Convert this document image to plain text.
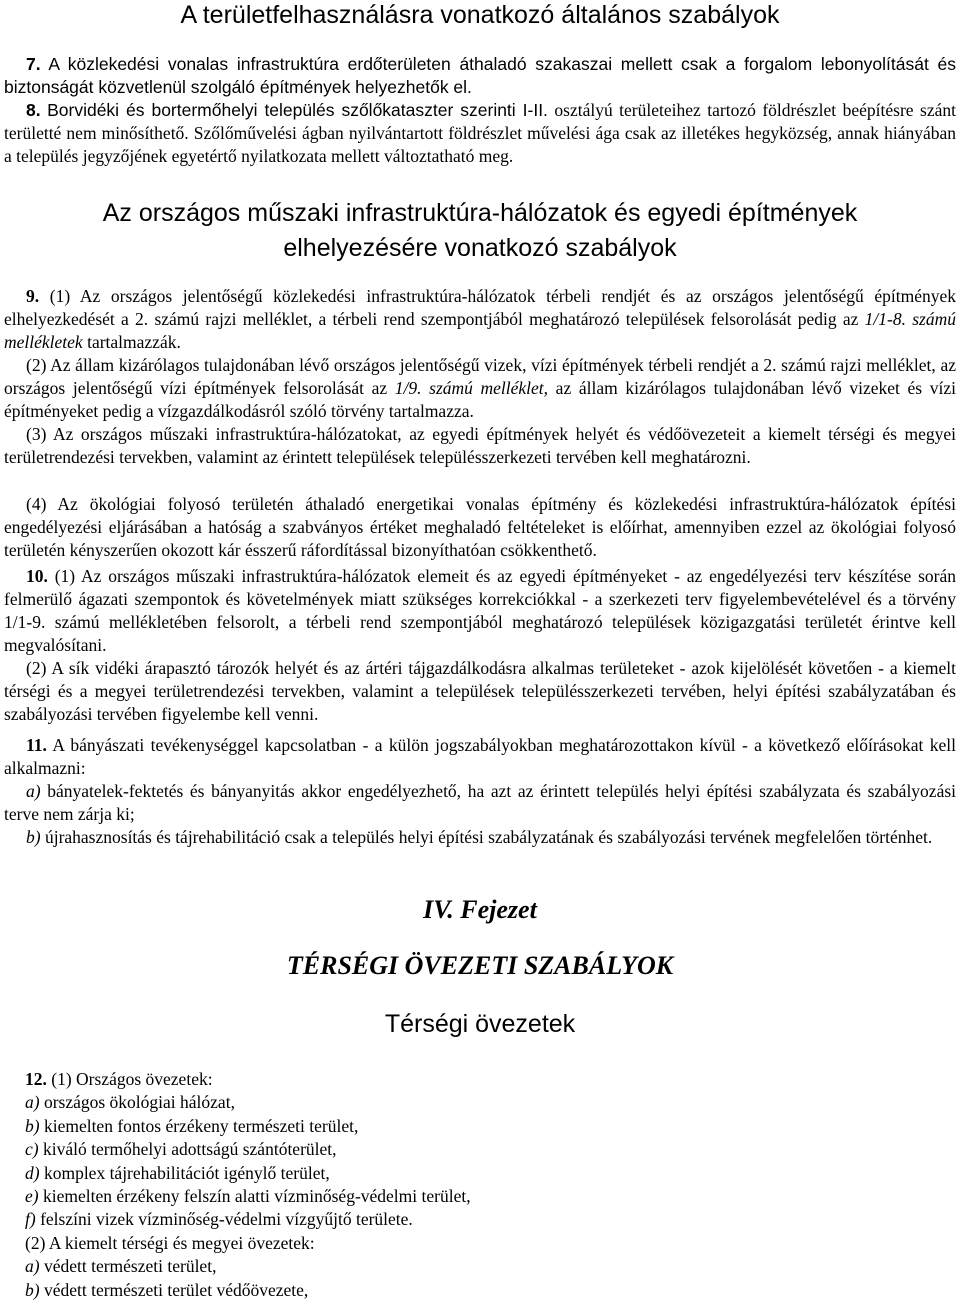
A területfelhasználásra vonatkozó általános szabályok

7. A közlekedési vonalas infrastruktúra erdőterületen áthaladó szakaszai mellett csak a forgalom lebonyolítását és biztonságát közvetlenül szolgáló építmények helyezhetők el.

8. Borvidéki és bortermőhelyi település szőlőkataszter szerinti I-II. osztályú területeihez tartozó földrészlet beépítésre szánt területté nem minősíthető. Szőlőművelési ágban nyilvántartott földrészlet művelési ága csak az illetékes hegyközség, annak hiányában a település jegyzőjének egyetértő nyilatkozata mellett változtatható meg.

Az országos műszaki infrastruktúra-hálózatok és egyedi építmények elhelyezésére vonatkozó szabályok

9. (1) Az országos jelentőségű közlekedési infrastruktúra-hálózatok térbeli rendjét és az országos jelentőségű építmények elhelyezkedését a 2. számú rajzi melléklet, a térbeli rend szempontjából meghatározó települések felsorolását pedig az 1/1-8. számú mellékletek tartalmazzák.

(2) Az állam kizárólagos tulajdonában lévő országos jelentőségű vizek, vízi építmények térbeli rendjét a 2. számú rajzi melléklet, az országos jelentőségű vízi építmények felsorolását az 1/9. számú melléklet, az állam kizárólagos tulajdonában lévő vizeket és vízi építményeket pedig a vízgazdálkodásról szóló törvény tartalmazza.

(3) Az országos műszaki infrastruktúra-hálózatokat, az egyedi építmények helyét és védőövezeteit a kiemelt térségi és megyei területrendezési tervekben, valamint az érintett települések településszerkezeti tervében kell meghatározni.

(4) Az ökológiai folyosó területén áthaladó energetikai vonalas építmény és közlekedési infrastruktúra-hálózatok építési engedélyezési eljárásában a hatóság a szabványos értéket meghaladó feltételeket is előírhat, amennyiben ezzel az ökológiai folyosó területén kényszerűen okozott kár ésszerű ráfordítással bizonyíthatóan csökkenthető.

10. (1) Az országos műszaki infrastruktúra-hálózatok elemeit és az egyedi építményeket - az engedélyezési terv készítése során felmerülő ágazati szempontok és követelmények miatt szükséges korrekciókkal - a szerkezeti terv figyelembevételével és a törvény 1/1-9. számú mellékletében felsorolt, a térbeli rend szempontjából meghatározó települések közigazgatási területét érintve kell megvalósítani.

(2) A sík vidéki árapasztó tározók helyét és az ártéri tájgazdálkodásra alkalmas területeket - azok kijelölését követően - a kiemelt térségi és a megyei területrendezési tervekben, valamint a települések településszerkezeti tervében, helyi építési szabályzatában és szabályozási tervében figyelembe kell venni.

11. A bányászati tevékenységgel kapcsolatban - a külön jogszabályokban meghatározottakon kívül - a következő előírásokat kell alkalmazni:

a) bányatelek-fektetés és bányanyitás akkor engedélyezhető, ha azt az érintett település helyi építési szabályzata és szabályozási terve nem zárja ki;

b) újrahasznosítás és tájrehabilitáció csak a település helyi építési szabályzatának és szabályozási tervének megfelelően történhet.

IV. Fejezet
TÉRSÉGI ÖVEZETI SZABÁLYOK
Térségi övezetek
12. (1) Országos övezetek:
a) országos ökológiai hálózat,
b) kiemelten fontos érzékeny természeti terület,
c) kiváló termőhelyi adottságú szántóterület,
d) komplex tájrehabilitációt igénylő terület,
e) kiemelten érzékeny felszín alatti vízminőség-védelmi terület,
f) felszíni vizek vízminőség-védelmi vízgyűjtő területe.
(2) A kiemelt térségi és megyei övezetek:
a) védett természeti terület,
b) védett természeti terület védőövezete,
